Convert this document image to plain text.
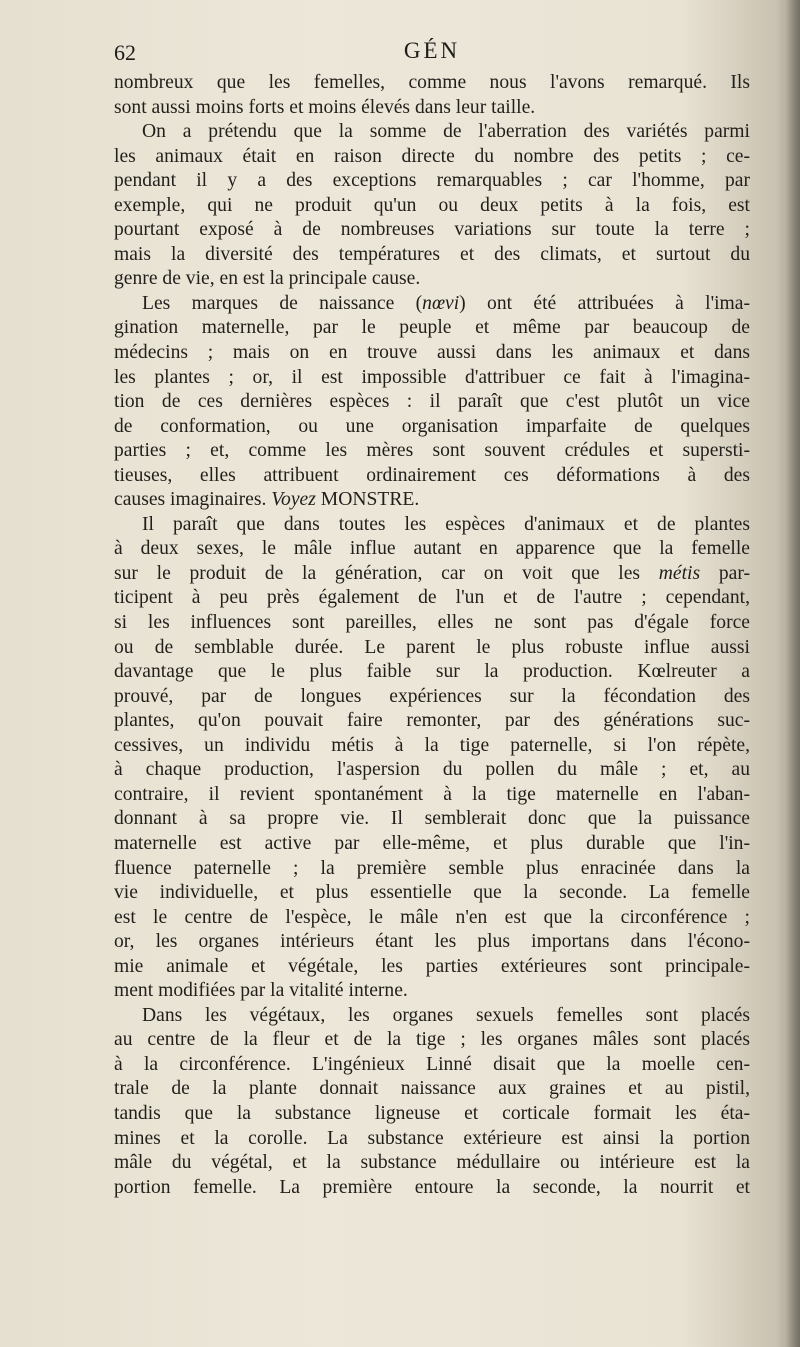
62	GÉN

nombreux que les femelles, comme nous l'avons remarqué. Ils
sont aussi moins forts et moins élevés dans leur taille.

On a prétendu que la somme de l'aberration des variétés parmi
les animaux était en raison directe du nombre des petits ; ce-
pendant il y a des exceptions remarquables ; car l'homme, par
exemple, qui ne produit qu'un ou deux petits à la fois, est
pourtant exposé à de nombreuses variations sur toute la terre ;
mais la diversité des températures et des climats, et surtout du
genre de vie, en est la principale cause.

Les marques de naissance (nœvi) ont été attribuées à l'ima-
gination maternelle, par le peuple et même par beaucoup de
médecins ; mais on en trouve aussi dans les animaux et dans
les plantes ; or, il est impossible d'attribuer ce fait à l'imagina-
tion de ces dernières espèces : il paraît que c'est plutôt un vice
de conformation, ou une organisation imparfaite de quelques
parties ; et, comme les mères sont souvent crédules et supersti-
tieuses, elles attribuent ordinairement ces déformations à des
causes imaginaires. Voyez MONSTRE.

Il paraît que dans toutes les espèces d'animaux et de plantes
à deux sexes, le mâle influe autant en apparence que la femelle
sur le produit de la génération, car on voit que les métis par-
ticipent à peu près également de l'un et de l'autre ; cependant,
si les influences sont pareilles, elles ne sont pas d'égale force
ou de semblable durée. Le parent le plus robuste influe aussi
davantage que le plus faible sur la production. Kœlreuter a
prouvé, par de longues expériences sur la fécondation des
plantes, qu'on pouvait faire remonter, par des générations suc-
cessives, un individu métis à la tige paternelle, si l'on répète,
à chaque production, l'aspersion du pollen du mâle ; et, au
contraire, il revient spontanément à la tige maternelle en l'aban-
donnant à sa propre vie. Il semblerait donc que la puissance
maternelle est active par elle-même, et plus durable que l'in-
fluence paternelle ; la première semble plus enracinée dans la
vie individuelle, et plus essentielle que la seconde. La femelle
est le centre de l'espèce, le mâle n'en est que la circonférence ;
or, les organes intérieurs étant les plus importans dans l'écono-
mie animale et végétale, les parties extérieures sont principale-
ment modifiées par la vitalité interne.

Dans les végétaux, les organes sexuels femelles sont placés
au centre de la fleur et de la tige ; les organes mâles sont placés
à la circonférence. L'ingénieux Linné disait que la moelle cen-
trale de la plante donnait naissance aux graines et au pistil,
tandis que la substance ligneuse et corticale formait les éta-
mines et la corolle. La substance extérieure est ainsi la portion
mâle du végétal, et la substance médullaire ou intérieure est la
portion femelle. La première entoure la seconde, la nourrit et
